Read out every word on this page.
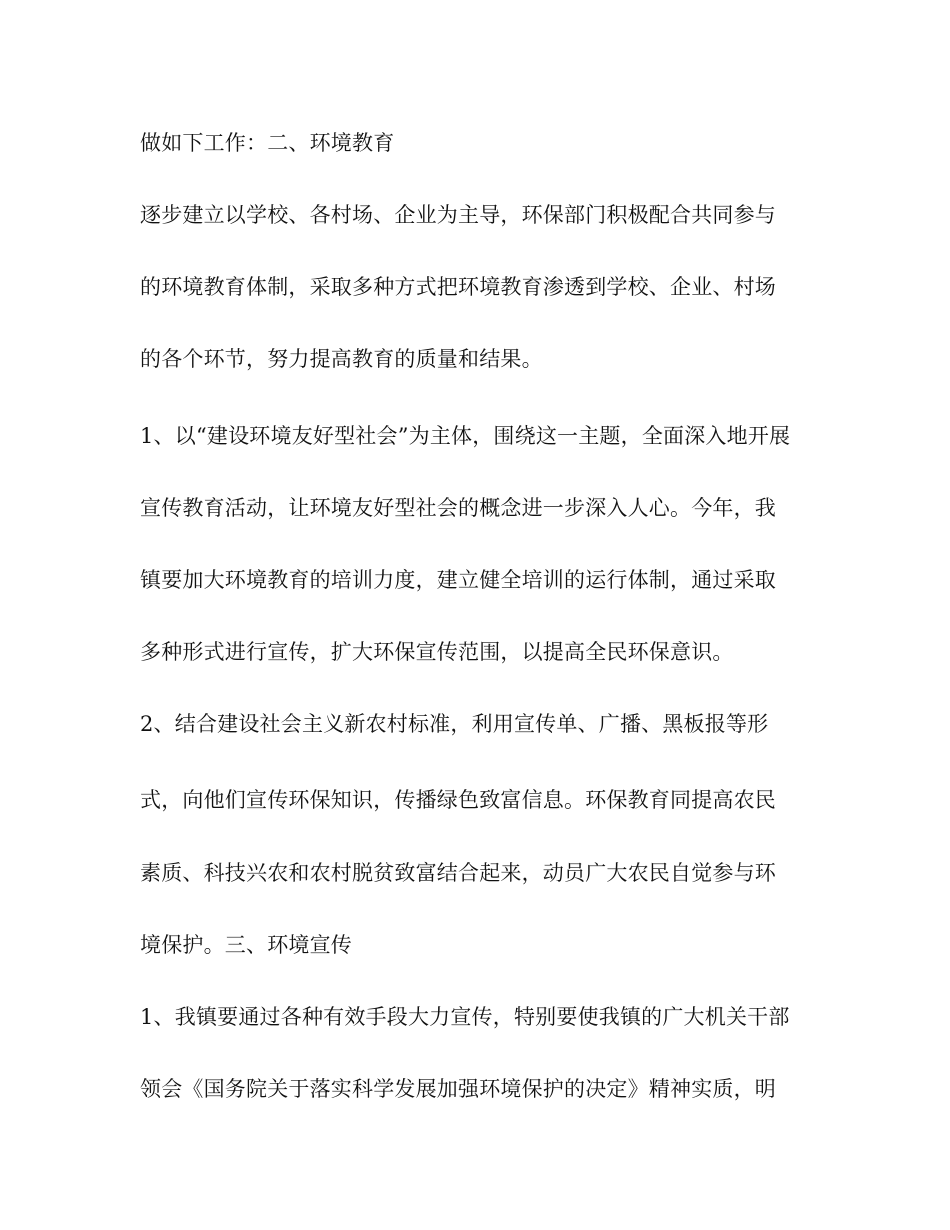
做如下工作：二、环境教育

逐步建立以学校、各村场、企业为主导，环保部门积极配合共同参与

的环境教育体制，采取多种方式把环境教育渗透到学校、企业、村场

的各个环节，努力提高教育的质量和结果。

1、以“建设环境友好型社会”为主体，围绕这一主题，全面深入地开展

宣传教育活动，让环境友好型社会的概念进一步深入人心。今年，我

镇要加大环境教育的培训力度，建立健全培训的运行体制，通过采取

多种形式进行宣传，扩大环保宣传范围，以提高全民环保意识。

2、结合建设社会主义新农村标准，利用宣传单、广播、黑板报等形

式，向他们宣传环保知识，传播绿色致富信息。环保教育同提高农民

素质、科技兴农和农村脱贫致富结合起来，动员广大农民自觉参与环

境保护。三、环境宣传

1、我镇要通过各种有效手段大力宣传，特别要使我镇的广大机关干部

领会《国务院关于落实科学发展加强环境保护的决定》精神实质，明
